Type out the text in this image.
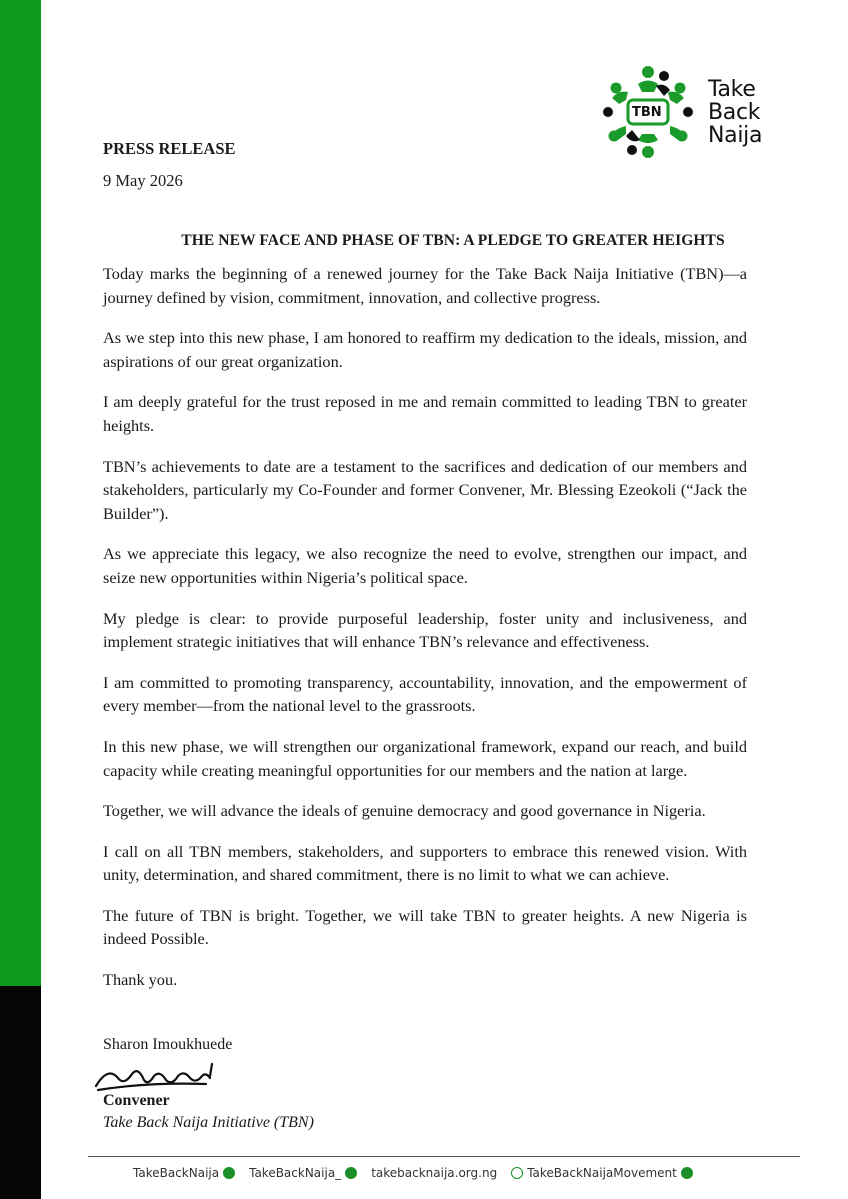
TBN
Take
Back
Naija
PRESS RELEASE
9 May 2026
THE NEW FACE AND PHASE OF TBN: A PLEDGE TO GREATER HEIGHTS

Today marks the beginning of a renewed journey for the Take Back Naija Initiative (TBN)—a journey defined by vision, commitment, innovation, and collective progress.

As we step into this new phase, I am honored to reaffirm my dedication to the ideals, mission, and aspirations of our great organization.

I am deeply grateful for the trust reposed in me and remain committed to leading TBN to greater heights.

TBN’s achievements to date are a testament to the sacrifices and dedication of our members and stakeholders, particularly my Co-Founder and former Convener, Mr. Blessing Ezeokoli (“Jack the Builder”).

As we appreciate this legacy, we also recognize the need to evolve, strengthen our impact, and seize new opportunities within Nigeria’s political space.

My pledge is clear: to provide purposeful leadership, foster unity and inclusiveness, and implement strategic initiatives that will enhance TBN’s relevance and effectiveness.

I am committed to promoting transparency, accountability, innovation, and the empowerment of every member—from the national level to the grassroots.

In this new phase, we will strengthen our organizational framework, expand our reach, and build capacity while creating meaningful opportunities for our members and the nation at large.

Together, we will advance the ideals of genuine democracy and good governance in Nigeria.

I call on all TBN members, stakeholders, and supporters to embrace this renewed vision. With unity, determination, and shared commitment, there is no limit to what we can achieve.

The future of TBN is bright. Together, we will take TBN to greater heights. A new Nigeria is indeed Possible.

Thank you.

Sharon Imoukhuede
Convener
Take Back Naija Initiative (TBN)
TakeBackNaija	TakeBackNaija_	takebacknaija.org.ng	TakeBackNaijaMovement
